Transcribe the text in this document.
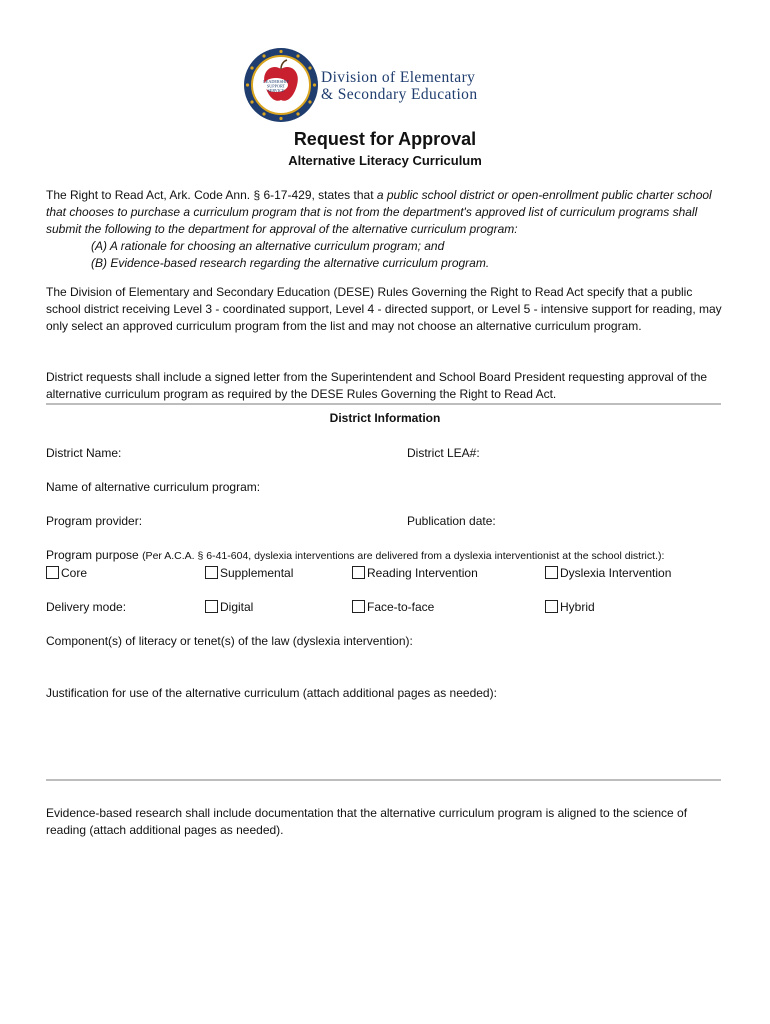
LEADERSHIP
SUPPORT
SERVICE
Division of Elementary
& Secondary Education
Request for Approval
Alternative Literacy Curriculum
The Right to Read Act, Ark. Code Ann. § 6-17-429, states that a public school district or open-enrollment public charter school that chooses to purchase a curriculum program that is not from the department's approved list of curriculum programs shall submit the following to the department for approval of the alternative curriculum program:
(A) A rationale for choosing an alternative curriculum program; and
(B) Evidence-based research regarding the alternative curriculum program.
The Division of Elementary and Secondary Education (DESE) Rules Governing the Right to Read Act specify that a public school district receiving Level 3 - coordinated support, Level 4 - directed support, or Level 5 - intensive support for reading, may only select an approved curriculum program from the list and may not choose an alternative curriculum program.
District requests shall include a signed letter from the Superintendent and School Board President requesting approval of the alternative curriculum program as required by the DESE Rules Governing the Right to Read Act.
District Information
District Name:	District LEA#:
Name of alternative curriculum program:
Program provider:	Publication date:
Program purpose (Per A.C.A. § 6-41-604, dyslexia interventions are delivered from a dyslexia interventionist at the school district.):
Core	Supplemental	Reading Intervention	Dyslexia Intervention
Delivery mode:	Digital	Face-to-face	Hybrid
Component(s) of literacy or tenet(s) of the law (dyslexia intervention):
Justification for use of the alternative curriculum (attach additional pages as needed):
Evidence-based research shall include documentation that the alternative curriculum program is aligned to the science of reading (attach additional pages as needed).
